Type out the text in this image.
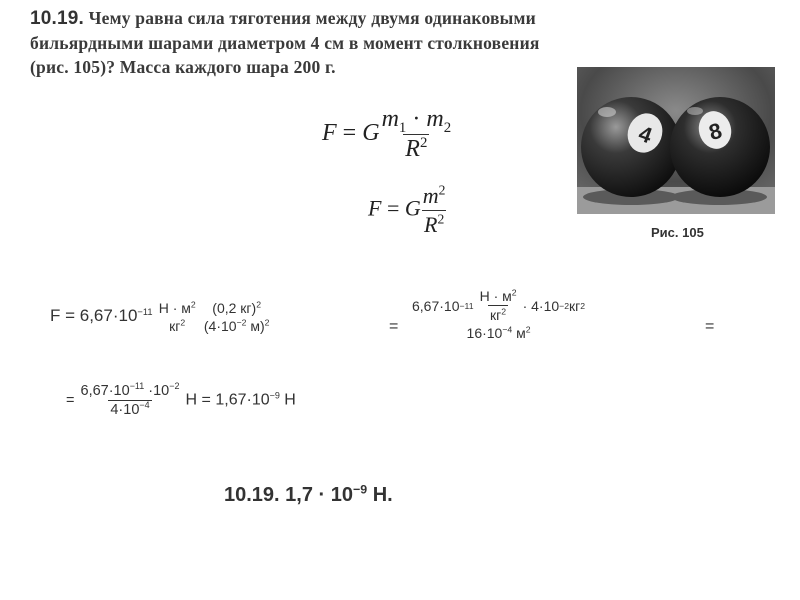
10.19. Чему равна сила тяготения между двумя одинаковыми
бильярдными шарами диаметром 4 см в момент столкновения
(рис. 105)? Масса каждого шара 200 г.
4 8
Рис. 105
F = G $\frac{m_1 \cdot m_2}{R^2}$
F = G $\frac{m^2}{R^2}$
$F = 6,67\cdot 10^{-11}$ $Н \cdot м^2$
$кг^2$

(0,2 кг)$^2$
($4\cdot 10^{-2}$ м)$^2$	=
$6,67\cdot 10 -11 \frac{Н \cdot м^2}{кг^2} \cdot 4\cdot 10 -2$ кг 2
$16\cdot 10^{-4}$ $м^2$	=
= $\frac{6,67\cdot 10^{-11} \cdot 10^{-2}}{4\cdot 10^{-4}}$ $Н = 1,67\cdot 10^{-9}$ Н
10.19. $1,7 \cdot 10^{-9}$ Н.
